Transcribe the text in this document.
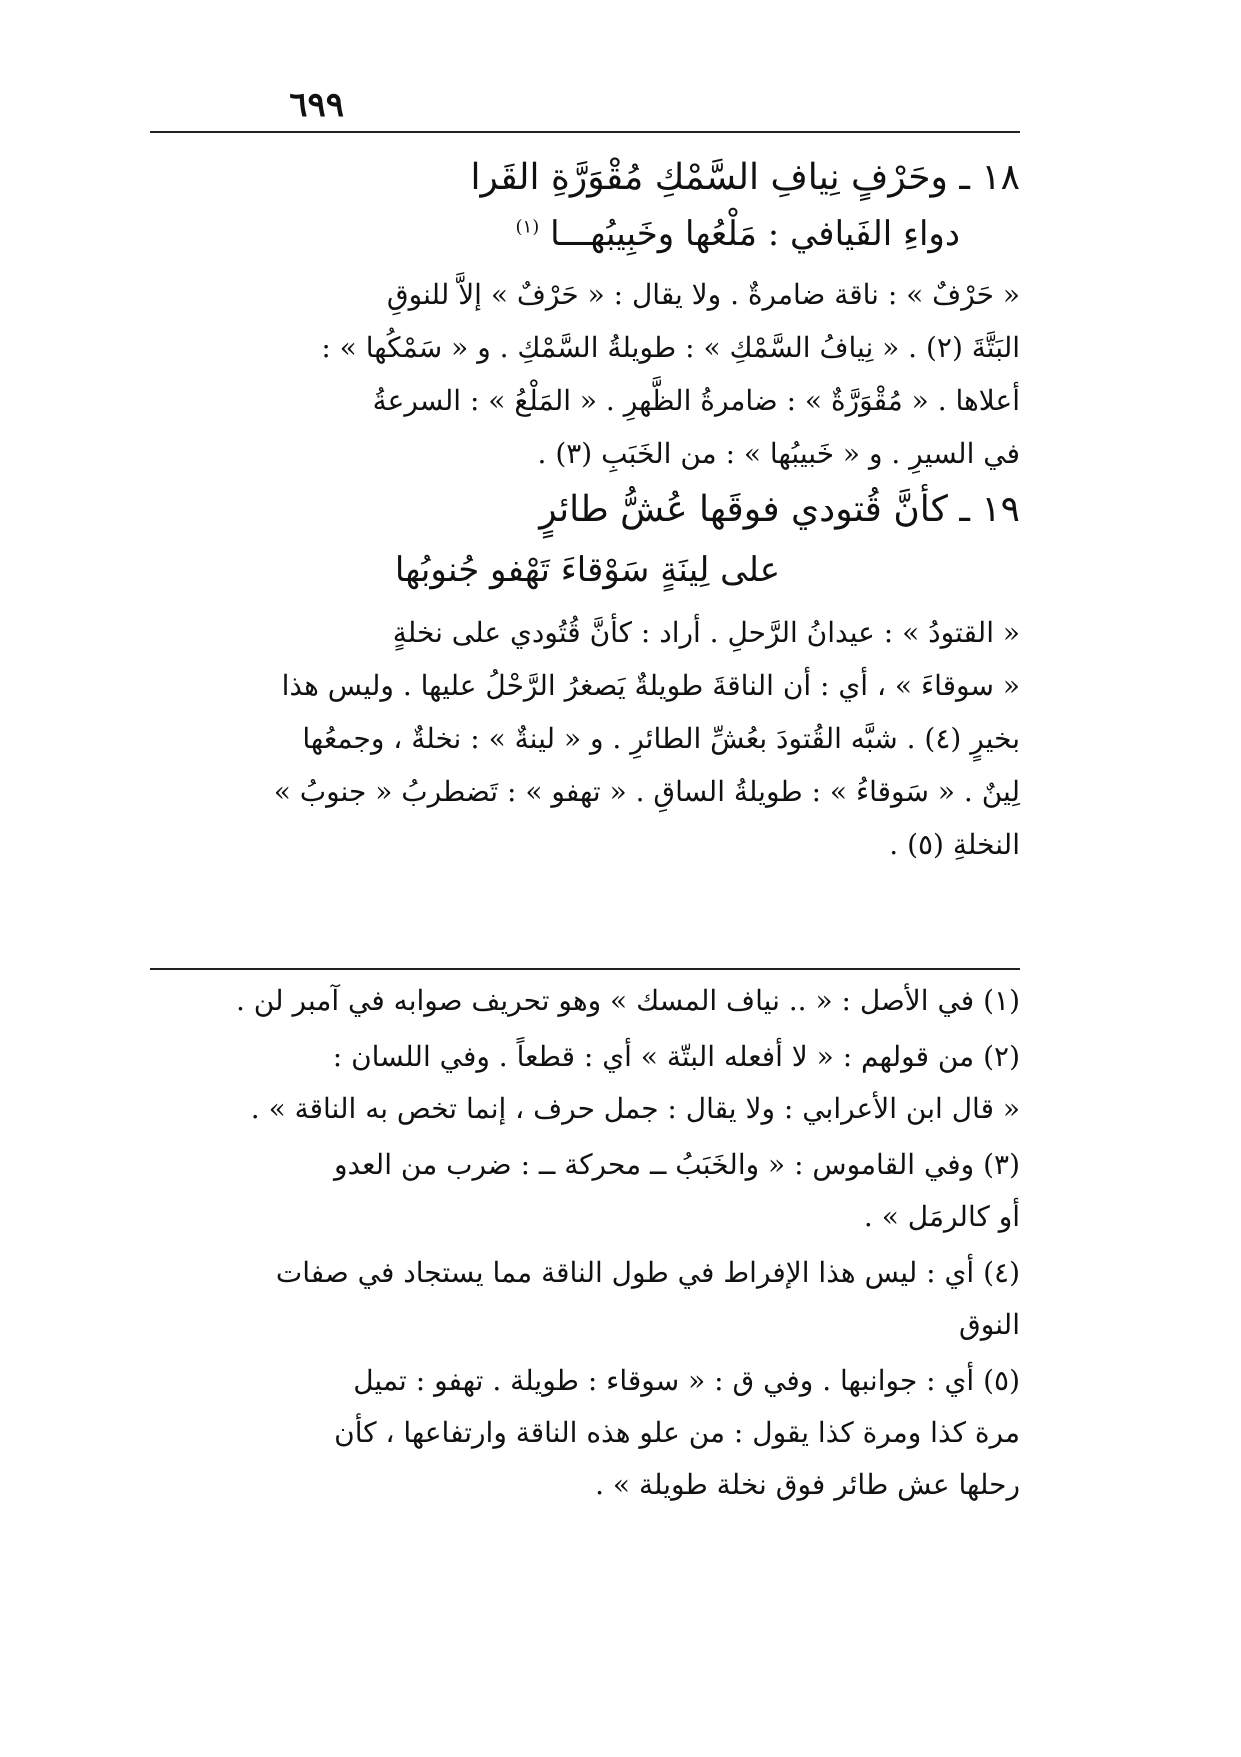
٦٩٩
١٨ ـ وحَرْفٍ نِيافِ السَّمْكِ مُقْوَرَّةِ القَرا
دواءِ الفَيافي : مَلْعُها وخَبِيبُهـــا $^{(١)}$

« حَرْفٌ » : ناقة ضامرةٌ . ولا يقال : « حَرْفٌ » إلاَّ للنوقِ

البَتَّةَ (٢) . « نِيافُ السَّمْكِ » : طويلةُ السَّمْكِ . و « سَمْكُها » :

أعلاها . « مُقْوَرَّةٌ » : ضامرةُ الظَّهرِ . « المَلْعُ » : السرعةُ

في السيرِ . و « خَبيبُها » : من الخَبَبِ (٣) .

١٩ ـ كأنَّ قُتودي فوقَها عُشُّ طائرٍ
على لِينَةٍ سَوْقاءَ تَهْفو جُنوبُها

« القتودُ » : عيدانُ الرَّحلِ . أراد : كأنَّ قُتُودي على نخلةٍ

« سوقاءَ » ، أي : أن الناقةَ طويلةٌ يَصغرُ الرَّحْلُ عليها . وليس هذا

بخيرٍ (٤) . شبَّه القُتودَ بعُشِّ الطائرِ . و « لينةٌ » : نخلةٌ ، وجمعُها

لِينٌ . « سَوقاءُ » : طويلةُ الساقِ . « تهفو » : تَضطربُ « جنوبُ »

النخلةِ (٥) .

(١) في الأصل : « .. نياف المسك » وهو تحريف صوابه في آمبر لن .
(٢) من قولهم : « لا أفعله البتّة » أي : قطعاً . وفي اللسان :
« قال ابن الأعرابي : ولا يقال : جمل حرف ، إنما تخص به الناقة » .
(٣) وفي القاموس : « والخَبَبُ ــ محركة ــ : ضرب من العدو
أو كالرمَل » .
(٤) أي : ليس هذا الإفراط في طول الناقة مما يستجاد في صفات
النوق
(٥) أي : جوانبها . وفي ق : « سوقاء : طويلة . تهفو : تميل
مرة كذا ومرة كذا يقول : من علو هذه الناقة وارتفاعها ، كأن
رحلها عش طائر فوق نخلة طويلة » .
